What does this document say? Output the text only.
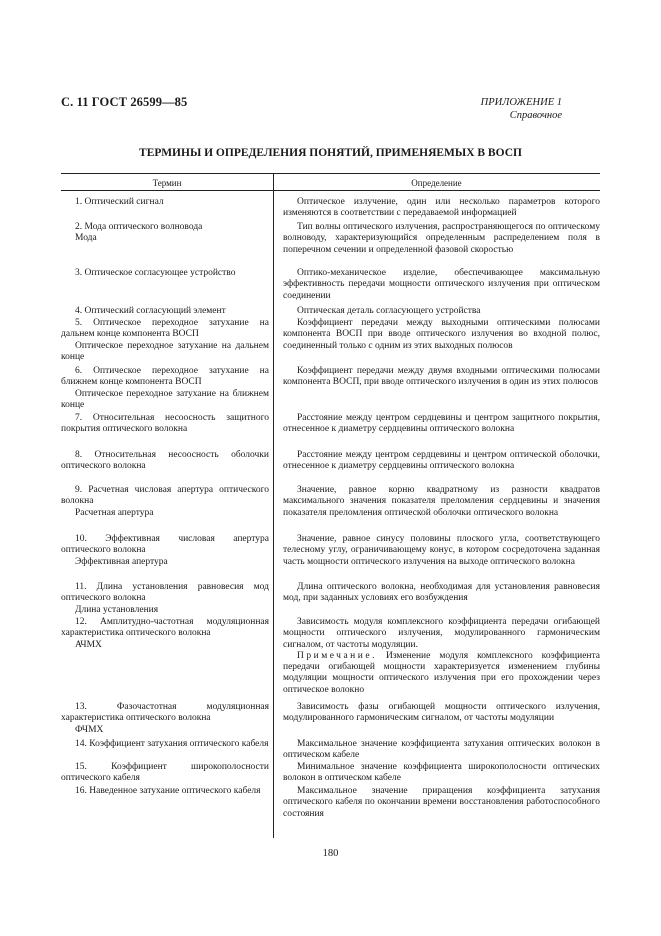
С. 11 ГОСТ 26599—85	ПРИЛОЖЕНИЕ 1
Справочное
ТЕРМИНЫ И ОПРЕДЕЛЕНИЯ ПОНЯТИЙ, ПРИМЕНЯЕМЫХ В ВОСП
Термин	Определение

1. Оптический сигнал

2. Мода оптического волновода

Мода

3. Оптическое согласующее устройство

4. Оптический согласующий элемент

5. Оптическое переходное затухание на дальнем конце компонента ВОСП

Оптическое переходное затухание на дальнем конце

6. Оптическое переходное затухание на ближнем конце компонента ВОСП

Оптическое переходное затухание на ближнем конце

7. Относительная несоосность защитного покрытия оптического волокна

8. Относительная несоосность оболочки оптического волокна

9. Расчетная числовая апертура оптического волокна

Расчетная апертура

10. Эффективная числовая апертура оптического волокна

Эффективная апертура

11. Длина установления равновесия мод оптического волокна

Длина установления

12. Амплитудно-частотная модуляционная характеристика оптического волокна

АЧМХ

13. Фазочастотная модуляционная характеристика оптического волокна

ФЧМХ

14. Коэффициент затухания оптического кабеля

15. Коэффициент широкополосности оптического кабеля

16. Наведенное затухание оптического кабеля

Оптическое излучение, один или несколько параметров которого изменяются в соответствии с передаваемой информацией

Тип волны оптического излучения, распространяющегося по оптическому волноводу, характеризующийся определенным распределением поля в поперечном сечении и определенной фазовой скоростью

Оптико-механическое изделие, обеспечивающее максимальную эффективность передачи мощности оптического излучения при оптическом соединении

Оптическая деталь согласующего устройства

Коэффициент передачи между выходными оптическими полюсами компонента ВОСП при вводе оптического излучения во входной полюс, соединенный только с одним из этих выходных полюсов

Коэффициент передачи между двумя входными оптическими полюсами компонента ВОСП, при вводе оптического излучения в один из этих полюсов

Расстояние между центром сердцевины и центром защитного покрытия, отнесенное к диаметру сердцевины оптического волокна

Расстояние между центром сердцевины и центром оптической оболочки, отнесенное к диаметру сердцевины оптического волокна

Значение, равное корню квадратному из разности квадратов максимального значения показателя преломления сердцевины и значения показателя преломления оптической оболочки оптического волокна

Значение, равное синусу половины плоского угла, соответствующего телесному углу, ограничивающему конус, в котором сосредоточена заданная часть мощности оптического излучения на выходе оптического волокна

Длина оптического волокна, необходимая для установления равновесия мод, при заданных условиях его возбуждения

Зависимость модуля комплексного коэффициента передачи огибающей мощности оптического излучения, модулированного гармоническим сигналом, от частоты модуляции.

Примечание. Изменение модуля комплексного коэффициента передачи огибающей мощности характеризуется изменением глубины модуляции мощности оптического излучения при его прохождении через оптическое волокно

Зависимость фазы огибающей мощности оптического излучения, модулированного гармоническим сигналом, от частоты модуляции

Максимальное значение коэффициента затухания оптических волокон в оптическом кабеле

Минимальное значение коэффициента широкополосности оптических волокон в оптическом кабеле

Максимальное значение приращения коэффициента затухания оптического кабеля по окончании времени восстановления работоспособного состояния

180
